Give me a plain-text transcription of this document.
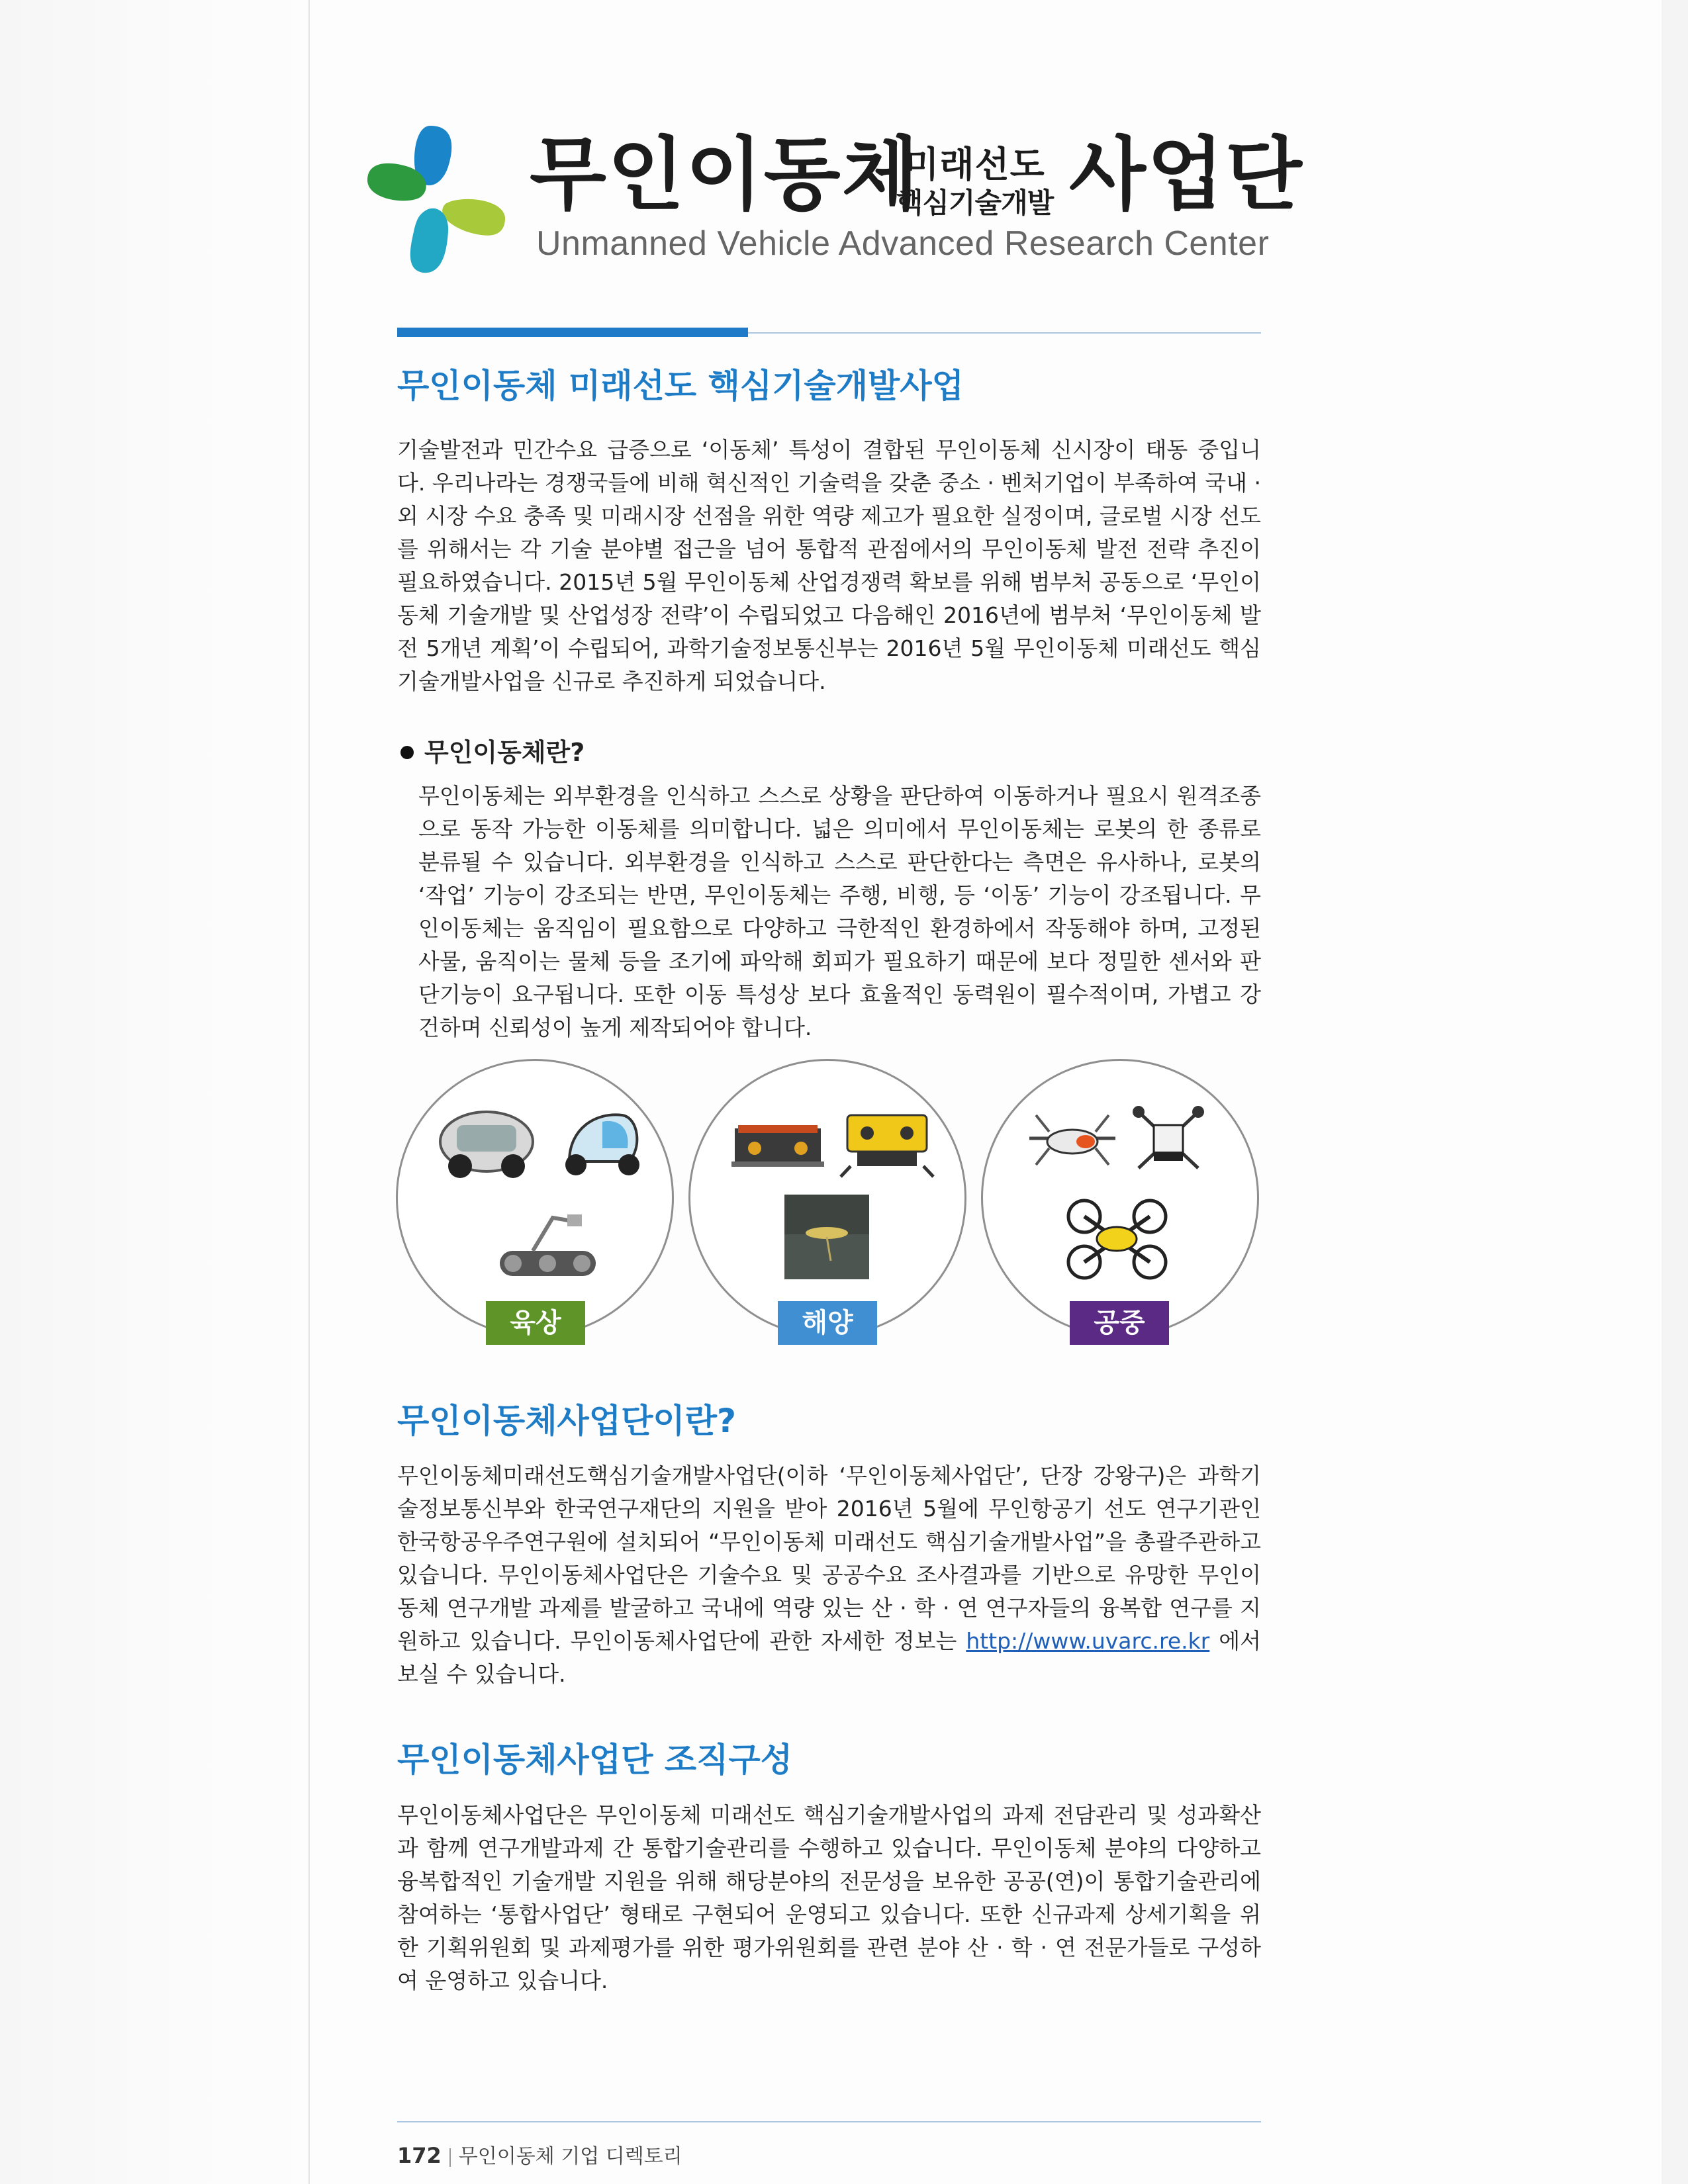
무인이동체
미래선도
핵심기술개발 사업단
Unmanned Vehicle Advanced Research Center
무인이동체 미래선도 핵심기술개발사업
기술발전과 민간수요 급증으로 ‘이동체’ 특성이 결합된 무인이동체 신시장이 태동 중입니다. 우리나라는 경쟁국들에 비해 혁신적인 기술력을 갖춘 중소 · 벤처기업이 부족하여 국내 · 외 시장 수요 충족 및 미래시장 선점을 위한 역량 제고가 필요한 실정이며, 글로벌 시장 선도를 위해서는 각 기술 분야별 접근을 넘어 통합적 관점에서의 무인이동체 발전 전략 추진이 필요하였습니다. 2015년 5월 무인이동체 산업경쟁력 확보를 위해 범부처 공동으로 ‘무인이동체 기술개발 및 산업성장 전략’이 수립되었고 다음해인 2016년에 범부처 ‘무인이동체 발전 5개년 계획’이 수립되어, 과학기술정보통신부는 2016년 5월 무인이동체 미래선도 핵심기술개발사업을 신규로 추진하게 되었습니다.
무인이동체란?
무인이동체는 외부환경을 인식하고 스스로 상황을 판단하여 이동하거나 필요시 원격조종으로 동작 가능한 이동체를 의미합니다. 넓은 의미에서 무인이동체는 로봇의 한 종류로 분류될 수 있습니다. 외부환경을 인식하고 스스로 판단한다는 측면은 유사하나, 로봇의 ‘작업’ 기능이 강조되는 반면, 무인이동체는 주행, 비행, 등 ‘이동’ 기능이 강조됩니다. 무인이동체는 움직임이 필요함으로 다양하고 극한적인 환경하에서 작동해야 하며, 고정된 사물, 움직이는 물체 등을 조기에 파악해 회피가 필요하기 때문에 보다 정밀한 센서와 판단기능이 요구됩니다. 또한 이동 특성상 보다 효율적인 동력원이 필수적이며, 가볍고 강건하며 신뢰성이 높게 제작되어야 합니다.
육상	해양	공중
무인이동체사업단이란?
무인이동체미래선도핵심기술개발사업단(이하 ‘무인이동체사업단’, 단장 강왕구)은 과학기술정보통신부와 한국연구재단의 지원을 받아 2016년 5월에 무인항공기 선도 연구기관인 한국항공우주연구원에 설치되어 “무인이동체 미래선도 핵심기술개발사업”을 총괄주관하고 있습니다. 무인이동체사업단은 기술수요 및 공공수요 조사결과를 기반으로 유망한 무인이동체 연구개발 과제를 발굴하고 국내에 역량 있는 산 · 학 · 연 연구자들의 융복합 연구를 지원하고 있습니다. 무인이동체사업단에 관한 자세한 정보는 http://www.uvarc.re.kr 에서 보실 수 있습니다.
무인이동체사업단 조직구성
무인이동체사업단은 무인이동체 미래선도 핵심기술개발사업의 과제 전담관리 및 성과확산과 함께 연구개발과제 간 통합기술관리를 수행하고 있습니다. 무인이동체 분야의 다양하고 융복합적인 기술개발 지원을 위해 해당분야의 전문성을 보유한 공공(연)이 통합기술관리에 참여하는 ‘통합사업단’ 형태로 구현되어 운영되고 있습니다. 또한 신규과제 상세기획을 위한 기획위원회 및 과제평가를 위한 평가위원회를 관련 분야 산 · 학 · 연 전문가들로 구성하여 운영하고 있습니다.
172 무인이동체 기업 디렉토리
